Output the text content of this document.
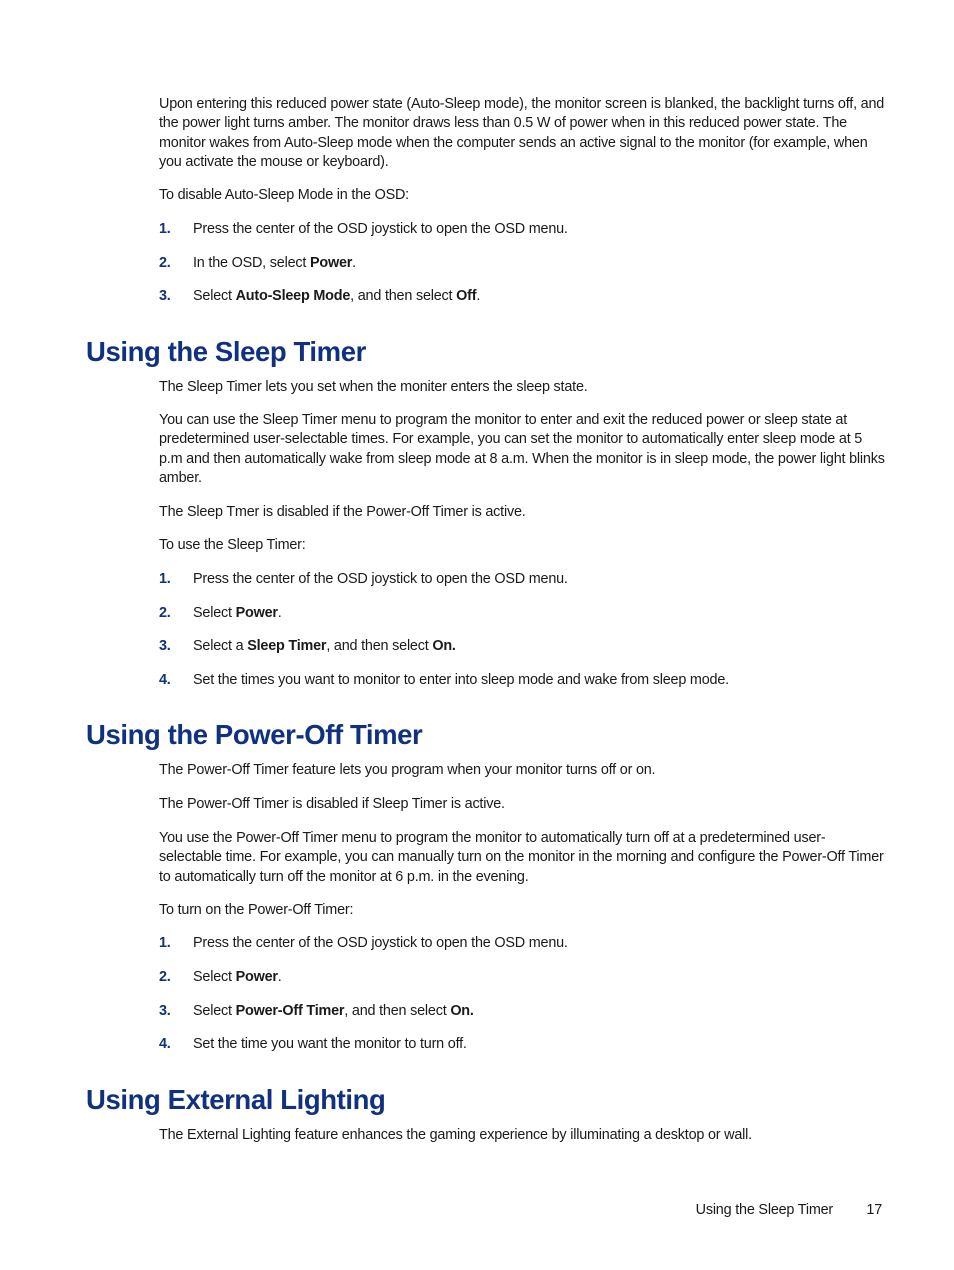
Upon entering this reduced power state (Auto-Sleep mode), the monitor screen is blanked, the backlight turns off, and the power light turns amber. The monitor draws less than 0.5 W of power when in this reduced power state. The monitor wakes from Auto-Sleep mode when the computer sends an active signal to the monitor (for example, when you activate the mouse or keyboard).

To disable Auto-Sleep Mode in the OSD:

1. Press the center of the OSD joystick to open the OSD menu.
2. In the OSD, select Power.
3. Select Auto-Sleep Mode, and then select Off.
Using the Sleep Timer

The Sleep Timer lets you set when the moniter enters the sleep state.

You can use the Sleep Timer menu to program the monitor to enter and exit the reduced power or sleep state at predetermined user-selectable times. For example, you can set the monitor to automatically enter sleep mode at 5 p.m and then automatically wake from sleep mode at 8 a.m. When the monitor is in sleep mode, the power light blinks amber.

The Sleep Tmer is disabled if the Power-Off Timer is active.

To use the Sleep Timer:

1. Press the center of the OSD joystick to open the OSD menu.
2. Select Power.
3. Select a Sleep Timer, and then select On.
4. Set the times you want to monitor to enter into sleep mode and wake from sleep mode.
Using the Power-Off Timer

The Power-Off Timer feature lets you program when your monitor turns off or on.

The Power-Off Timer is disabled if Sleep Timer is active.

You use the Power-Off Timer menu to program the monitor to automatically turn off at a predetermined user-selectable time. For example, you can manually turn on the monitor in the morning and configure the Power-Off Timer to automatically turn off the monitor at 6 p.m. in the evening.

To turn on the Power-Off Timer:

1. Press the center of the OSD joystick to open the OSD menu.
2. Select Power.
3. Select Power-Off Timer, and then select On.
4. Set the time you want the monitor to turn off.
Using External Lighting

The External Lighting feature enhances the gaming experience by illuminating a desktop or wall.

Using the Sleep Timer 17
